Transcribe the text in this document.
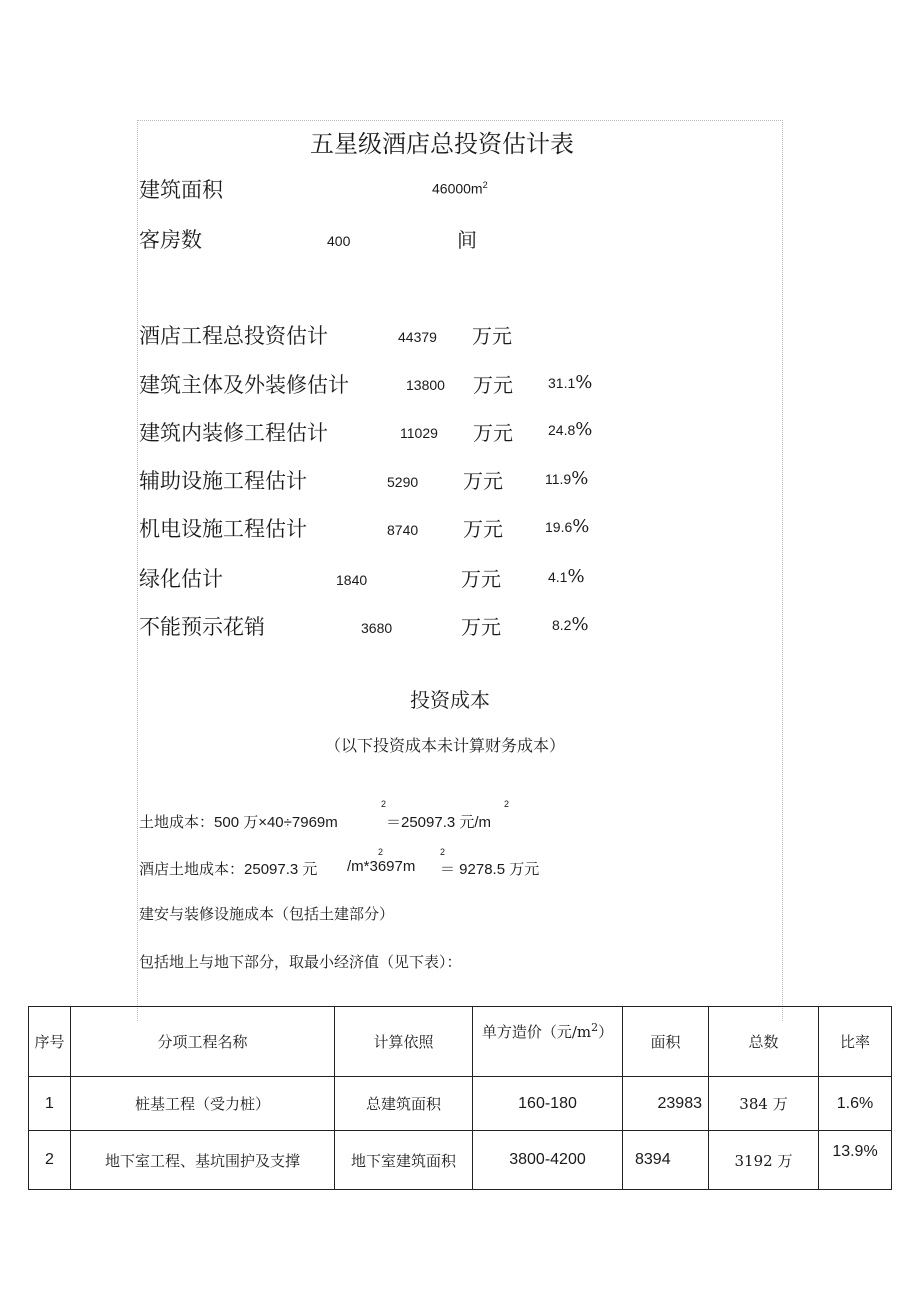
五星级酒店总投资估计表
建筑面积	$46000m^2$
客房数	400	间
酒店工程总投资估计	44379 万元
建筑主体及外装修估计	13800 万元	31.1%
建筑内装修工程估计	11029 万元	24.8%
辅助设施工程估计	5290 万元	11.9%
机电设施工程估计	8740 万元	19.6%
绿化估计	1840	万元	4.1%
不能预示花销	3680	万元	8.2%
投资成本
（以下投资成本未计算财务成本）
土地成本：500 万×40÷7969m
2
＝25097.3 元/m
2
酒店土地成本：25097.3 元 /m*3697m
2	2
＝ 9278.5 万元
建安与装修设施成本（包括土建部分）
包括地上与地下部分，取最小经济值（见下表）：
序号	分项工程名称	计算依照	单方造价（元$/m^2$）	面积	总数	比率
1	桩基工程（受力桩）	总建筑面积	160-180	23983	384 万	1.6%
2	地下室工程、基坑围护及支撑	地下室建筑面积	3800-4200	8394	3192 万	13.9%
